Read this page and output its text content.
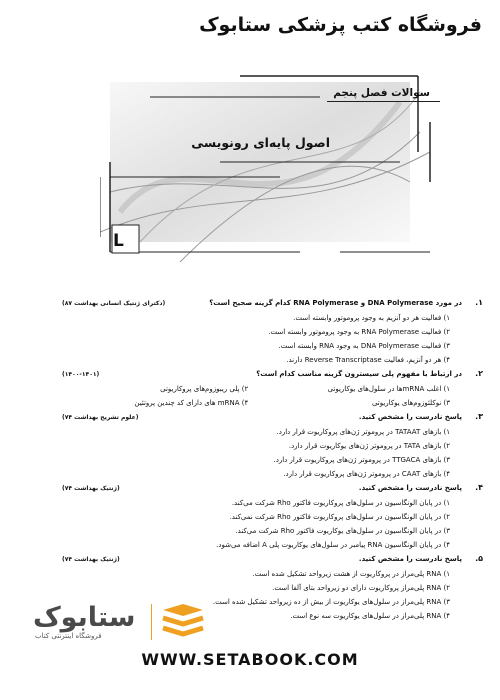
فروشگاه کتب پزشکی ستابوک
سوالات فصل پنجم
اصول پایه‌ای رونویسی
L
۱.
در مورد DNA Polymerase و RNA Polymerase کدام گزینه صحیح است؟
(دکترای ژنتیک انسانی بهداشت ۸۷)
۱) فعالیت هر دو آنزیم به وجود پروموتور وابسته است.
۲) فعالیت RNA Polymerase به وجود پروموتور وابسته است.
۳) فعالیت DNA Polymerase به وجود RNA وابسته است.
۴) هر دو آنزیم، فعالیت Reverse Transcriptase دارند.
۲.
در ارتباط با مفهوم پلی سیسترون گزینه مناسب کدام است؟
(۱۴۰۰-۱۴۰۱)
۱) اغلب mRNAها در سلول‌های یوکاریوتی
۲) پلی ریبوزوم‌های پروکاریوتی
۳) نوکلئوزوم‌های یوکاریوتی
۴) mRNA های دارای کد چندین پروتئین
۳.
پاسخ نادرست را مشخص کنید.
(علوم تشریح بهداشت ۷۴)
۱) بازهای TATAAT در پروموتر ژن‌های پروکاریوت قرار دارد.
۲) بازهای TATA در پروموتر ژن‌های یوکاریوت قرار دارد.
۳) بازهای TTGACA در پروموتر ژن‌های پروکاریوت قرار دارد.
۴) بازهای CAAT در پروموتر ژن‌های پروکاریوت قرار دارد.
۴.
پاسخ نادرست را مشخص کنید.
(ژنتیک بهداشت ۷۴)
۱) در پایان الونگاسیون در سلول‌های پروکاریوت فاکتور Rho شرکت می‌کند.
۲) در پایان الونگاسیون در سلول‌های پروکاریوت فاکتور Rho شرکت نمی‌کند.
۳) در پایان الونگاسیون در سلول‌های یوکاریوت فاکتور Rho شرکت می‌کند.
۴) در پایان الونگاسیون RNA پیامبر در سلول‌های یوکاریوت پلی A اضافه می‌شود.
۵.
پاسخ نادرست را مشخص کنید.
(ژنتیک بهداشت ۷۴)
۱) RNA پلی‌مراز در پروکاریوت از هشت زیرواحد تشکیل شده است.
۲) RNA پلی‌مراز پروکاریوت دارای دو زیرواحد بتای آلفا است.
۳) RNA پلی‌مراز در سلول‌های یوکاریوت از بیش از ده زیرواحد تشکیل شده است.
۴) RNA پلی‌مراز در سلول‌های یوکاریوت سه نوع است.
ستابوک
فروشگاه اینترنتی کتاب
WWW.SETABOOK.COM
